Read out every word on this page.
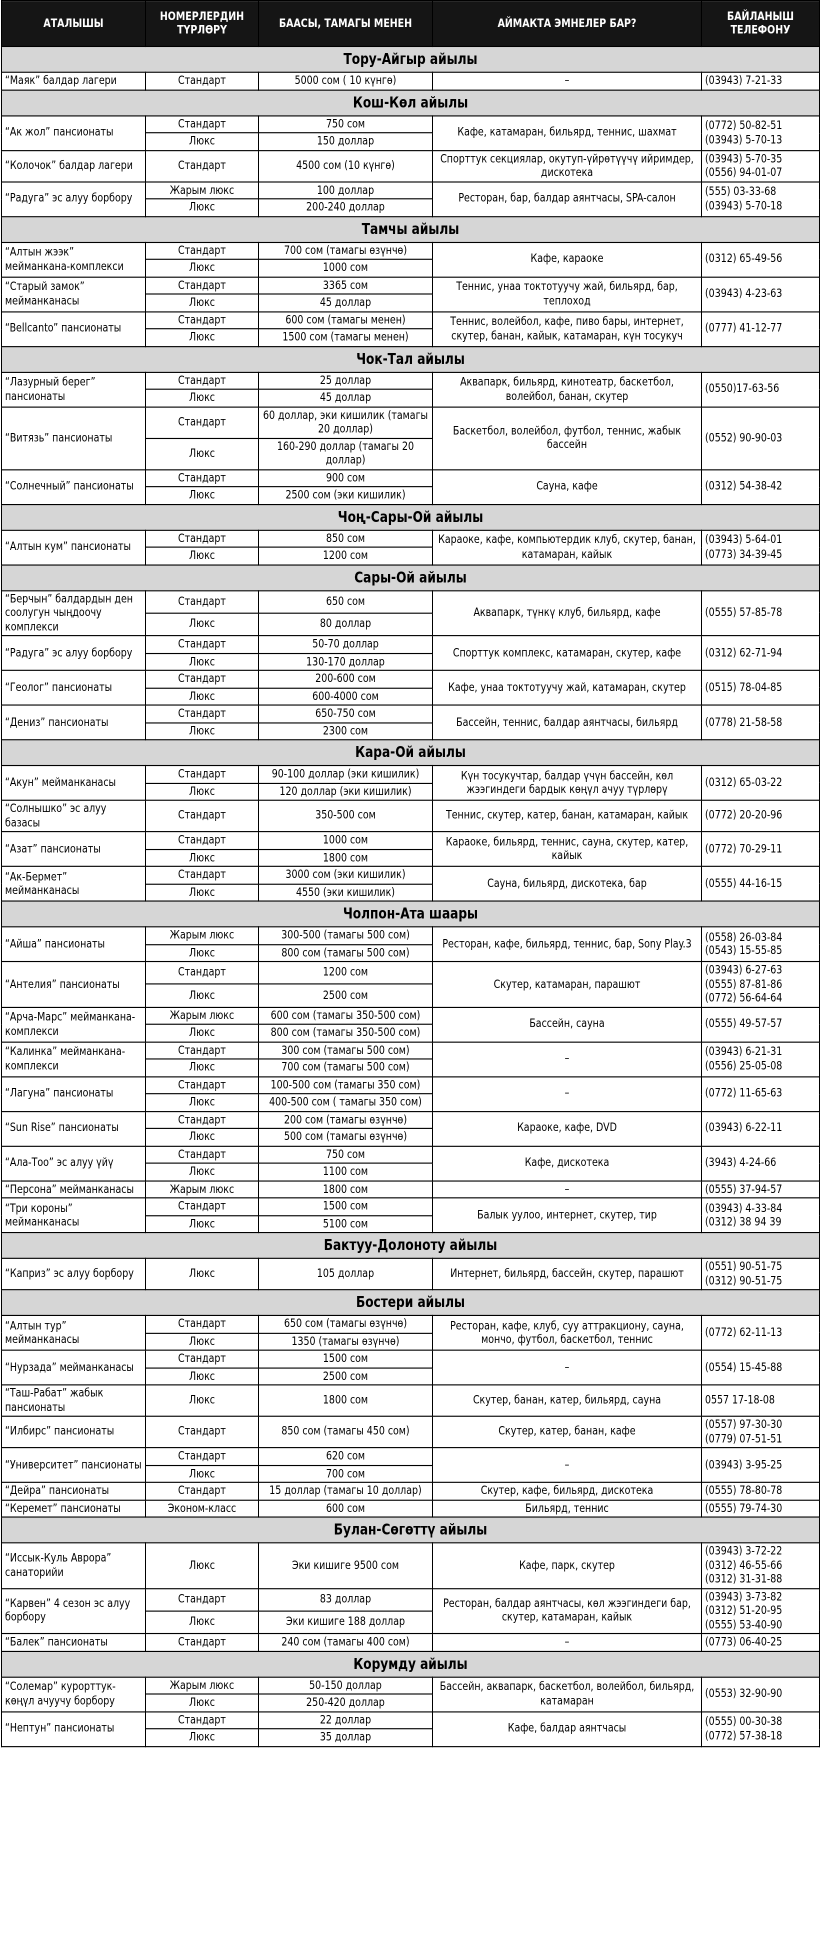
АТАЛЫШЫ	НОМЕРЛЕРДИН ТҮРЛӨРҮ	БААСЫ, ТАМАГЫ МЕНЕН	АЙМАКТА ЭМНЕЛЕР БАР?	БАЙЛАНЫШ ТЕЛЕФОНУ
Тору-Айгыр айылы				
“Маяк” балдар лагери	Стандарт	5000 сом ( 10 күнгө)	–	(03943) 7-21-33
Кош-Көл айылы				
“Ак жол” пансионаты	Стандарт	750 сом	Кафе, катамаран, бильярд, теннис, шахмат	(0772) 50-82-51
(03943) 5-70-13
	Люкс	150 доллар		
“Колочок” балдар лагери	Стандарт	4500 сом (10 күнгө)	Спорттук секциялар, окутуп-үйрөтүүчү ийримдер, дискотека	(03943) 5-70-35
(0556) 94-01-07
“Радуга” эс алуу борбору	Жарым люкс	100 доллар	Ресторан, бар, балдар аянтчасы, SPA-салон	(555) 03-33-68
(03943) 5-70-18
	Люкс	200-240 доллар		
Тамчы айылы				
“Алтын жээк” мейманкана-комплекси	Стандарт	700 сом (тамагы өзүнчө)	Кафе, караоке	(0312) 65-49-56
	Люкс	1000 сом		
“Старый замок” мейманканасы	Стандарт	3365 сом	Теннис, унаа токтотуучу жай, бильярд, бар, теплоход	(03943) 4-23-63
	Люкс	45 доллар		
“Bellcanto” пансионаты	Стандарт	600 сом (тамагы менен)	Теннис, волейбол, кафе, пиво бары, интернет, скутер, банан, кайык, катамаран, күн тосукуч	(0777) 41-12-77
	Люкс	1500 сом (тамагы менен)		
Чок-Тал айылы				
“Лазурный берег” пансионаты	Стандарт	25 доллар	Аквапарк, бильярд, кинотеатр, баскетбол, волейбол, банан, скутер	(0550)17-63-56
	Люкс	45 доллар		
“Витязь” пансионаты	Стандарт	60 доллар, эки кишилик (тамагы 20 доллар)	Баскетбол, волейбол, футбол, теннис, жабык бассейн	(0552) 90-90-03
	Люкс	160-290 доллар (тамагы 20 доллар)		
“Солнечный” пансионаты	Стандарт	900 сом	Сауна, кафе	(0312) 54-38-42
	Люкс	2500 сом (эки кишилик)		
Чоң-Сары-Ой айылы				
“Алтын кум” пансионаты	Стандарт	850 сом	Караоке, кафе, компьютердик клуб, скутер, банан, катамаран, кайык	(03943) 5-64-01
(0773) 34-39-45
	Люкс	1200 сом		
Сары-Ой айылы				
“Берчын” балдардын ден соолугун чыңдоочу комплекси	Стандарт	650 сом	Аквапарк, түнкү клуб, бильярд, кафе	(0555) 57-85-78
	Люкс	80 доллар		
“Радуга” эс алуу борбору	Стандарт	50-70 доллар	Спорттук комплекс, катамаран, скутер, кафе	(0312) 62-71-94
	Люкс	130-170 доллар		
“Геолог” пансионаты	Стандарт	200-600 сом	Кафе, унаа токтотуучу жай, катамаран, скутер	(0515) 78-04-85
	Люкс	600-4000 сом		
“Дениз” пансионаты	Стандарт	650-750 сом	Бассейн, теннис, балдар аянтчасы, бильярд	(0778) 21-58-58
	Люкс	2300 сом		
Кара-Ой айылы				
“Акун” мейманканасы	Стандарт	90-100 доллар (эки кишилик)	Күн тосукучтар, балдар үчүн бассейн, көл жээгиндеги бардык көңүл ачуу түрлөрү	(0312) 65-03-22
	Люкс	120 доллар (эки кишилик)		
“Солнышко” эс алуу базасы	Стандарт	350-500 сом	Теннис, скутер, катер, банан, катамаран, кайык	(0772) 20-20-96
“Азат” пансионаты	Стандарт	1000 сом	Караоке, бильярд, теннис, сауна, скутер, катер, кайык	(0772) 70-29-11
	Люкс	1800 сом		
“Ак-Бермет” мейманканасы	Стандарт	3000 сом (эки кишилик)	Сауна, бильярд, дискотека, бар	(0555) 44-16-15
	Люкс	4550 (эки кишилик)		
Чолпон-Ата шаары				
“Айша” пансионаты	Жарым люкс	300-500 (тамагы 500 сом)	Ресторан, кафе, бильярд, теннис, бар, Sony Play.3	(0558) 26-03-84
(0543) 15-55-85
	Люкс	800 сом (тамагы 500 сом)		
“Антелия” пансионаты	Стандарт	1200 сом	Скутер, катамаран, парашют	(03943) 6-27-63
(0555) 87-81-86
(0772) 56-64-64
	Люкс	2500 сом		
“Арча-Марс” мейманкана-комплекси	Жарым люкс	600 сом (тамагы 350-500 сом)	Бассейн, сауна	(0555) 49-57-57
	Люкс	800 сом (тамагы 350-500 сом)		
“Калинка” мейманкана-комплекси	Стандарт	300 сом (тамагы 500 сом)	–	(03943) 6-21-31
(0556) 25-05-08
	Люкс	700 сом (тамагы 500 сом)		
“Лагуна” пансионаты	Стандарт	100-500 сом (тамагы 350 сом)	–	(0772) 11-65-63
	Люкс	400-500 сом ( тамагы 350 сом)		
“Sun Rise” пансионаты	Стандарт	200 сом (тамагы өзүнчө)	Караоке, кафе, DVD	(03943) 6-22-11
	Люкс	500 сом (тамагы өзүнчө)		
“Ала-Тоо” эс алуу үйү	Стандарт	750 сом	Кафе, дискотека	(3943) 4-24-66
	Люкс	1100 сом		
“Персона” мейманканасы	Жарым люкс	1800 сом	–	(0555) 37-94-57
“Три короны” мейманканасы	Стандарт	1500 сом	Балык уулоо, интернет, скутер, тир	(03943) 4-33-84
(0312) 38 94 39
	Люкс	5100 сом		
Бактуу-Долоноту айылы				
“Каприз” эс алуу борбору	Люкс	105 доллар	Интернет, бильярд, бассейн, скутер, парашют	(0551) 90-51-75
(0312) 90-51-75
Бостери айылы				
“Алтын тур” мейманканасы	Стандарт	650 сом (тамагы өзүнчө)	Ресторан, кафе, клуб, суу аттракциону, сауна, мончо, футбол, баскетбол, теннис	(0772) 62-11-13
	Люкс	1350 (тамагы өзүнчө)		
“Нурзада” мейманканасы	Стандарт	1500 сом	–	(0554) 15-45-88
	Люкс	2500 сом		
“Таш-Рабат” жабык пансионаты	Люкс	1800 сом	Скутер, банан, катер, бильярд, сауна	0557 17-18-08
“Илбирс” пансионаты	Стандарт	850 сом (тамагы 450 сом)	Скутер, катер, банан, кафе	(0557) 97-30-30
(0779) 07-51-51
“Университет” пансионаты	Стандарт	620 сом	–	(03943) 3-95-25
	Люкс	700 сом		
“Дейра” пансионаты	Стандарт	15 доллар (тамагы 10 доллар)	Скутер, кафе, бильярд, дискотека	(0555) 78-80-78
“Керемет” пансионаты	Эконом-класс	600 сом	Бильярд, теннис	(0555) 79-74-30
Булан-Сөгөттү айылы				
“Иссык-Куль Аврора” санаторийи	Люкс	Эки кишиге 9500 сом	Кафе, парк, скутер	(03943) 3-72-22
(0312) 46-55-66
(0312) 31-31-88
“Карвен” 4 сезон эс алуу борбору	Стандарт	83 доллар	Ресторан, балдар аянтчасы, көл жээгиндеги бар, скутер, катамаран, кайык	(03943) 3-73-82
(0312) 51-20-95
(0555) 53-40-90
	Люкс	Эки кишиге 188 доллар		
“Балек” пансионаты	Стандарт	240 сом (тамагы 400 сом)	–	(0773) 06-40-25
Корумду айылы				
“Солемар” курорттук-көңүл ачуучу борбору	Жарым люкс	50-150 доллар	Бассейн, аквапарк, баскетбол, волейбол, бильярд, катамаран	(0553) 32-90-90
	Люкс	250-420 доллар		
“Нептун” пансионаты	Стандарт	22 доллар	Кафе, балдар аянтчасы	(0555) 00-30-38
(0772) 57-38-18
	Люкс	35 доллар		
